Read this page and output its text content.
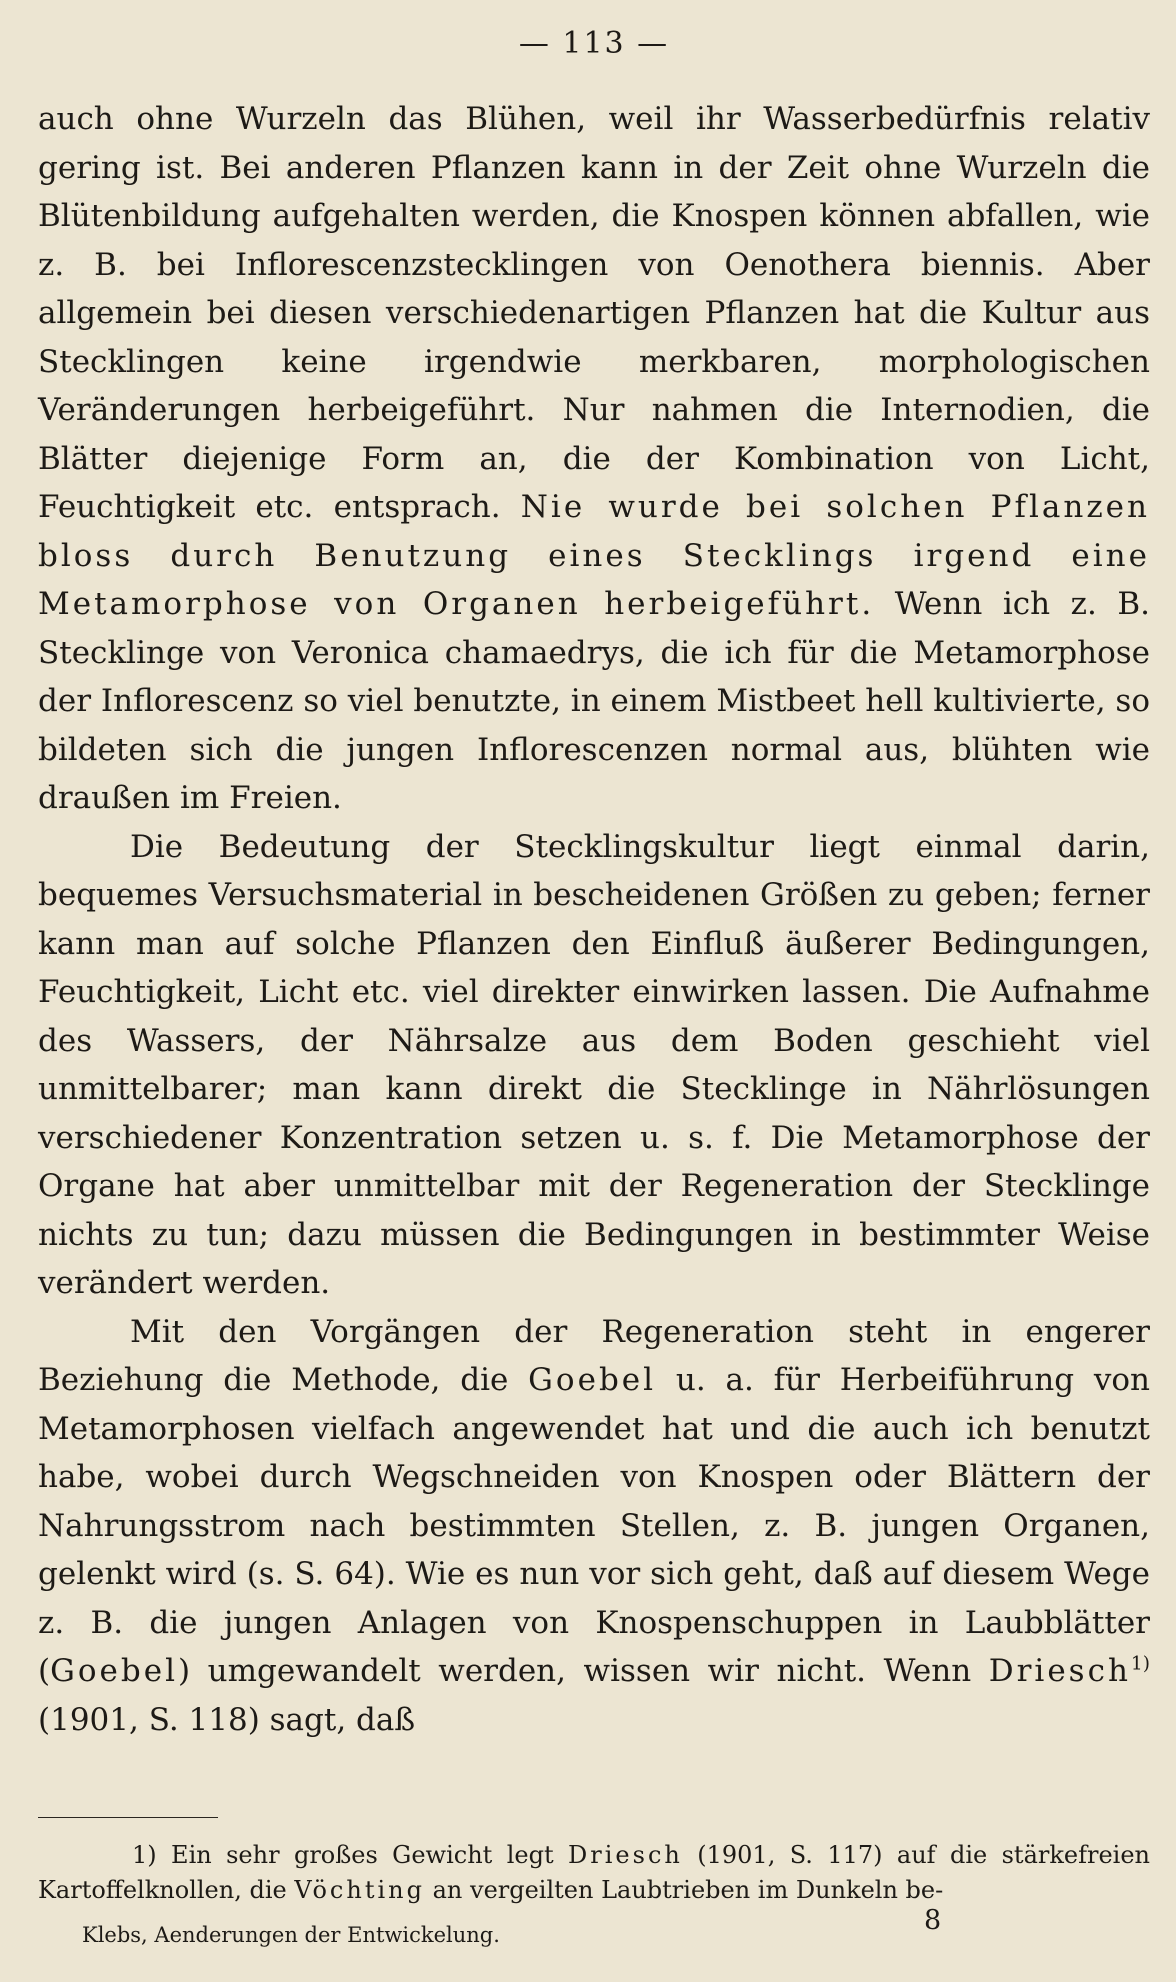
— 113 —

auch ohne Wurzeln das Blühen, weil ihr Wasserbedürfnis relativ gering ist. Bei anderen Pflanzen kann in der Zeit ohne Wurzeln die Blütenbildung aufgehalten werden, die Knospen können abfallen, wie z. B. bei Inflorescenzstecklingen von Oenothera biennis. Aber allgemein bei diesen verschiedenartigen Pflanzen hat die Kultur aus Stecklingen keine irgendwie merkbaren, morphologischen Veränderungen herbeigeführt. Nur nahmen die Internodien, die Blätter diejenige Form an, die der Kombination von Licht, Feuchtigkeit etc. entsprach. Nie wurde bei solchen Pflanzen bloss durch Benutzung eines Stecklings irgend eine Metamorphose von Organen herbeigeführt. Wenn ich z. B. Stecklinge von Veronica chamaedrys, die ich für die Metamorphose der Inflorescenz so viel benutzte, in einem Mistbeet hell kultivierte, so bildeten sich die jungen Inflorescenzen normal aus, blühten wie draußen im Freien.

Die Bedeutung der Stecklingskultur liegt einmal darin, bequemes Versuchsmaterial in bescheidenen Größen zu geben; ferner kann man auf solche Pflanzen den Einfluß äußerer Bedingungen, Feuchtigkeit, Licht etc. viel direkter einwirken lassen. Die Aufnahme des Wassers, der Nährsalze aus dem Boden geschieht viel unmittelbarer; man kann direkt die Stecklinge in Nährlösungen verschiedener Konzentration setzen u. s. f. Die Metamorphose der Organe hat aber unmittelbar mit der Regeneration der Stecklinge nichts zu tun; dazu müssen die Bedingungen in bestimmter Weise verändert werden.

Mit den Vorgängen der Regeneration steht in engerer Beziehung die Methode, die Goebel u. a. für Herbeiführung von Metamorphosen vielfach angewendet hat und die auch ich benutzt habe, wobei durch Wegschneiden von Knospen oder Blättern der Nahrungsstrom nach bestimmten Stellen, z. B. jungen Organen, gelenkt wird (s. S. 64). Wie es nun vor sich geht, daß auf diesem Wege z. B. die jungen Anlagen von Knospenschuppen in Laubblätter (Goebel) umgewandelt werden, wissen wir nicht. Wenn Driesch$^{1)}$ (1901, S. 118) sagt, daß

1) Ein sehr großes Gewicht legt Driesch (1901, S. 117) auf die stärkefreien Kartoffelknollen, die Vöchting an vergeilten Laubtrieben im Dunkeln be-

Klebs, Aenderungen der Entwickelung.	8
